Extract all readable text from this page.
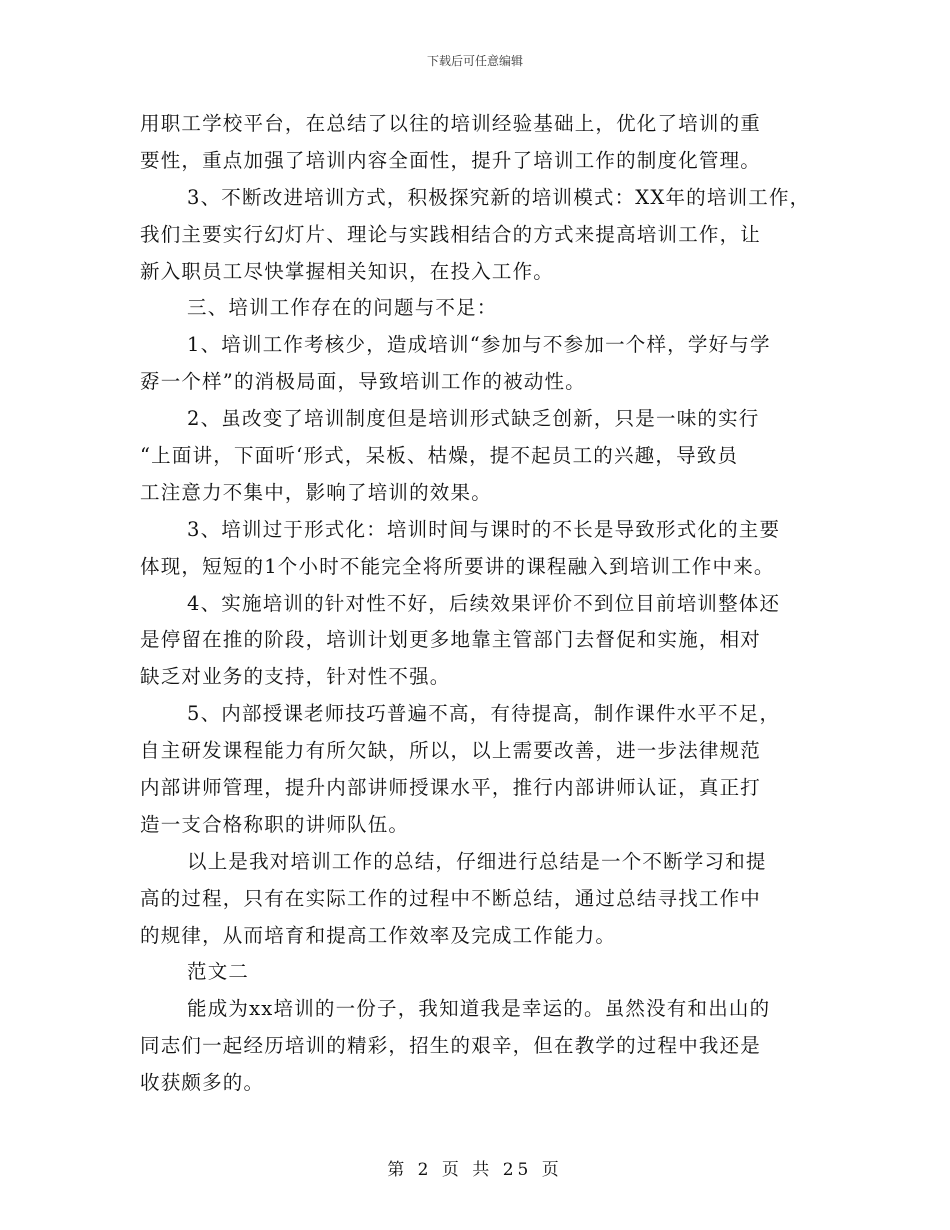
下载后可任意编辑
用职工学校平台，在总结了以往的培训经验基础上，优化了培训的重
要性，重点加强了培训内容全面性，提升了培训工作的制度化管理。
3、不断改进培训方式，积极探究新的培训模式：XX年的培训工作，
我们主要实行幻灯片、理论与实践相结合的方式来提高培训工作，让
新入职员工尽快掌握相关知识，在投入工作。
三、培训工作存在的问题与不足：
1、培训工作考核少，造成培训“参加与不参加一个样，学好与学
孬一个样”的消极局面，导致培训工作的被动性。
2、虽改变了培训制度但是培训形式缺乏创新，只是一味的实行
“上面讲，下面听‘形式，呆板、枯燥，提不起员工的兴趣，导致员
工注意力不集中，影响了培训的效果。
3、培训过于形式化：培训时间与课时的不长是导致形式化的主要
体现，短短的1个小时不能完全将所要讲的课程融入到培训工作中来。
4、实施培训的针对性不好，后续效果评价不到位目前培训整体还
是停留在推的阶段，培训计划更多地靠主管部门去督促和实施，相对
缺乏对业务的支持，针对性不强。
5、内部授课老师技巧普遍不高，有待提高，制作课件水平不足，
自主研发课程能力有所欠缺，所以，以上需要改善，进一步法律规范
内部讲师管理，提升内部讲师授课水平，推行内部讲师认证，真正打
造一支合格称职的讲师队伍。
以上是我对培训工作的总结，仔细进行总结是一个不断学习和提
高的过程，只有在实际工作的过程中不断总结，通过总结寻找工作中
的规律，从而培育和提高工作效率及完成工作能力。
范文二
能成为xx培训的一份子，我知道我是幸运的。虽然没有和出山的
同志们一起经历培训的精彩，招生的艰辛，但在教学的过程中我还是
收获颇多的。
第 2 页 共 25 页
